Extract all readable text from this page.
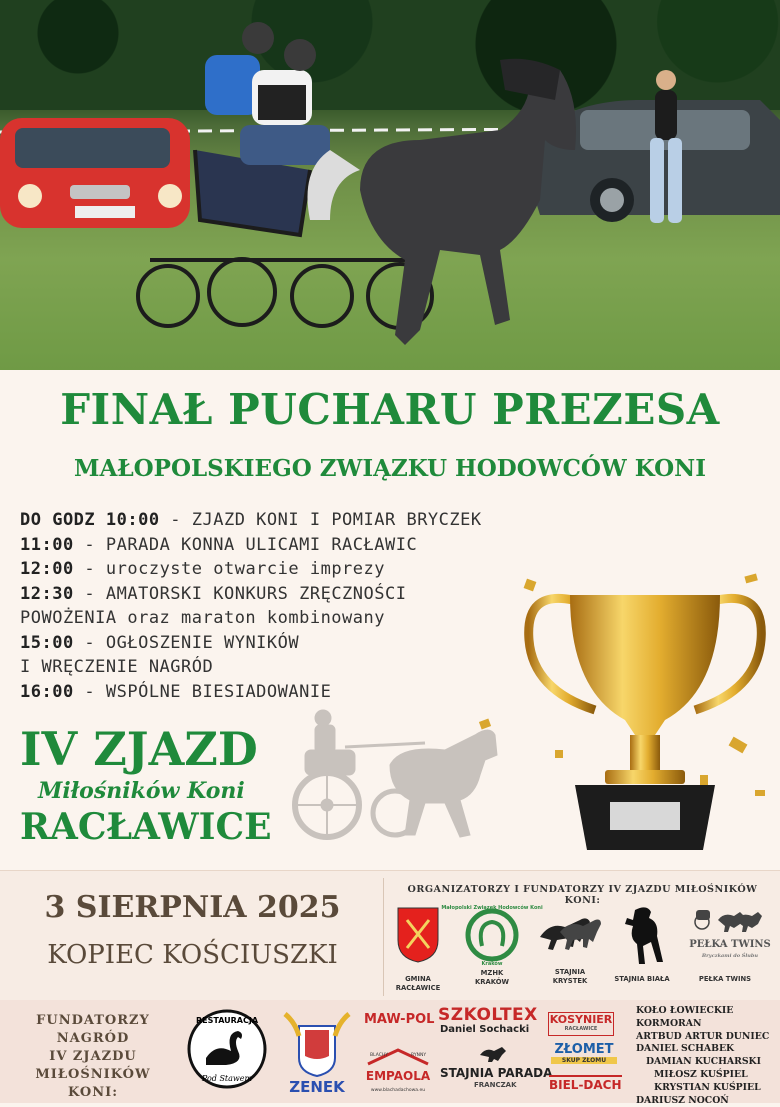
FINAŁ PUCHARU PREZESA
MAŁOPOLSKIEGO ZWIĄZKU HODOWCÓW KONI
DO GODZ 10:00 - ZJAZD KONI I POMIAR BRYCZEK
11:00 - PARADA KONNA ULICAMI RACŁAWIC
12:00 - uroczyste otwarcie imprezy
12:30 - AMATORSKI KONKURS ZRĘCZNOŚCI
POWOŻENIA oraz maraton kombinowany
15:00 - OGŁOSZENIE WYNIKÓW
I WRĘCZENIE NAGRÓD
16:00 - WSPÓLNE BIESIADOWANIE
IV ZJAZD
Miłośników Koni
RACŁAWICE
3 SIERPNIA 2025
KOPIEC KOŚCIUSZKI
ORGANIZATORZY I FUNDATORZY IV ZJAZDU MIŁOŚNIKÓW KONI:
GMINA RACŁAWICE
Małopolski Związek Hodowców Koni
Kraków
MZHK
KRAKÓW
STAJNIA
KRYSTEK	STAJNIA BIAŁA
PEŁKA TWINS
Bryczkami do Ślubu
PEŁKA TWINS
FUNDATORZY
NAGRÓD
IV ZJAZDU
MIŁOŚNIKÓW KONI:
RESTAURACJA
Pod Stawem ZENEK
MAW-POL
BLACHY	RYNNY
EMPAOLA
www.blachadachowa.eu
SZKOLTEX
Daniel Sochacki
STAJNIA PARADA
FRANCZAK
KOSYNIER
RACŁAWICE
ZŁOMET
SKUP ZŁOMU
BIEL-DACH
KOŁO ŁOWIECKIE KORMORAN
ARTBUD ARTUR DUNIEC
DANIEL SCHABEK
DAMIAN KUCHARSKI
MIŁOSZ KUŚPIEL
KRYSTIAN KUŚPIEL
DARIUSZ NOCOŃ
